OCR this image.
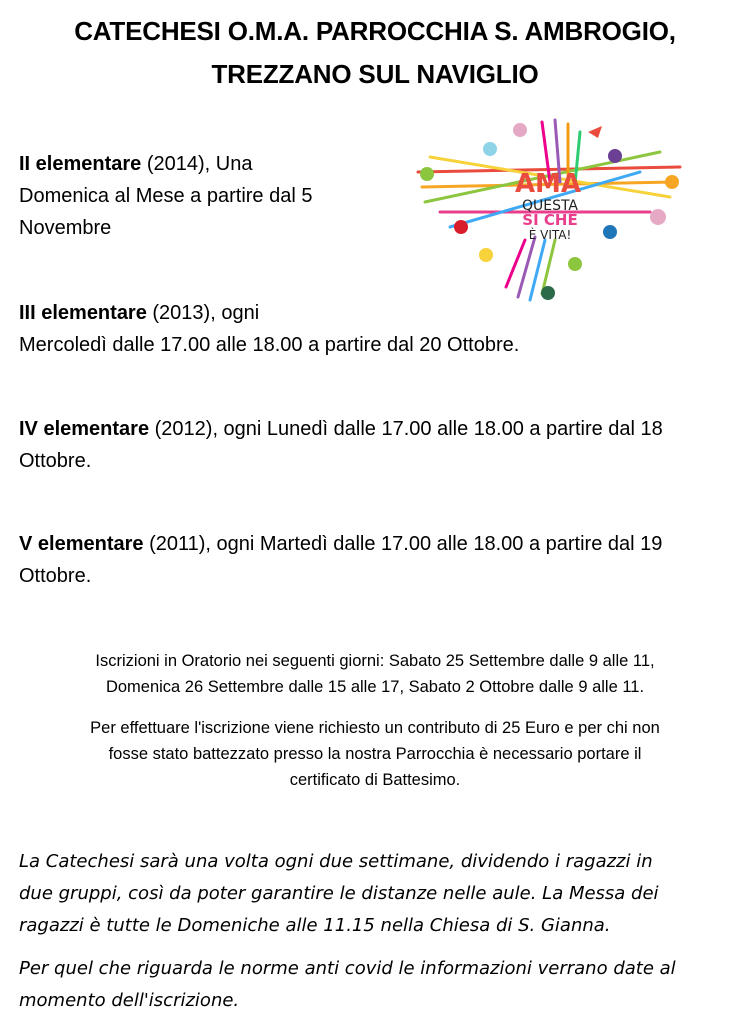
CATECHESI O.M.A. PARROCCHIA S. AMBROGIO,
TREZZANO SUL NAVIGLIO
AMA
QUESTA
SI CHE
È VITA!
II elementare (2014), Una
Domenica al Mese a partire dal 5
Novembre
III elementare (2013), ogni
Mercoledì dalle 17.00 alle 18.00 a partire dal 20 Ottobre.
IV elementare (2012), ogni Lunedì dalle 17.00 alle 18.00 a partire dal 18
Ottobre.
V elementare (2011), ogni Martedì dalle 17.00 alle 18.00 a partire dal 19
Ottobre.
Iscrizioni in Oratorio nei seguenti giorni: Sabato 25 Settembre dalle 9 alle 11,
Domenica 26 Settembre dalle 15 alle 17, Sabato 2 Ottobre dalle 9 alle 11.
Per effettuare l'iscrizione viene richiesto un contributo di 25 Euro e per chi non
fosse stato battezzato presso la nostra Parrocchia è necessario portare il
certificato di Battesimo.
La Catechesi sarà una volta ogni due settimane, dividendo i ragazzi in
due gruppi, così da poter garantire le distanze nelle aule. La Messa dei
ragazzi è tutte le Domeniche alle 11.15 nella Chiesa di S. Gianna.
Per quel che riguarda le norme anti covid le informazioni verrano date al
momento dell'iscrizione.
